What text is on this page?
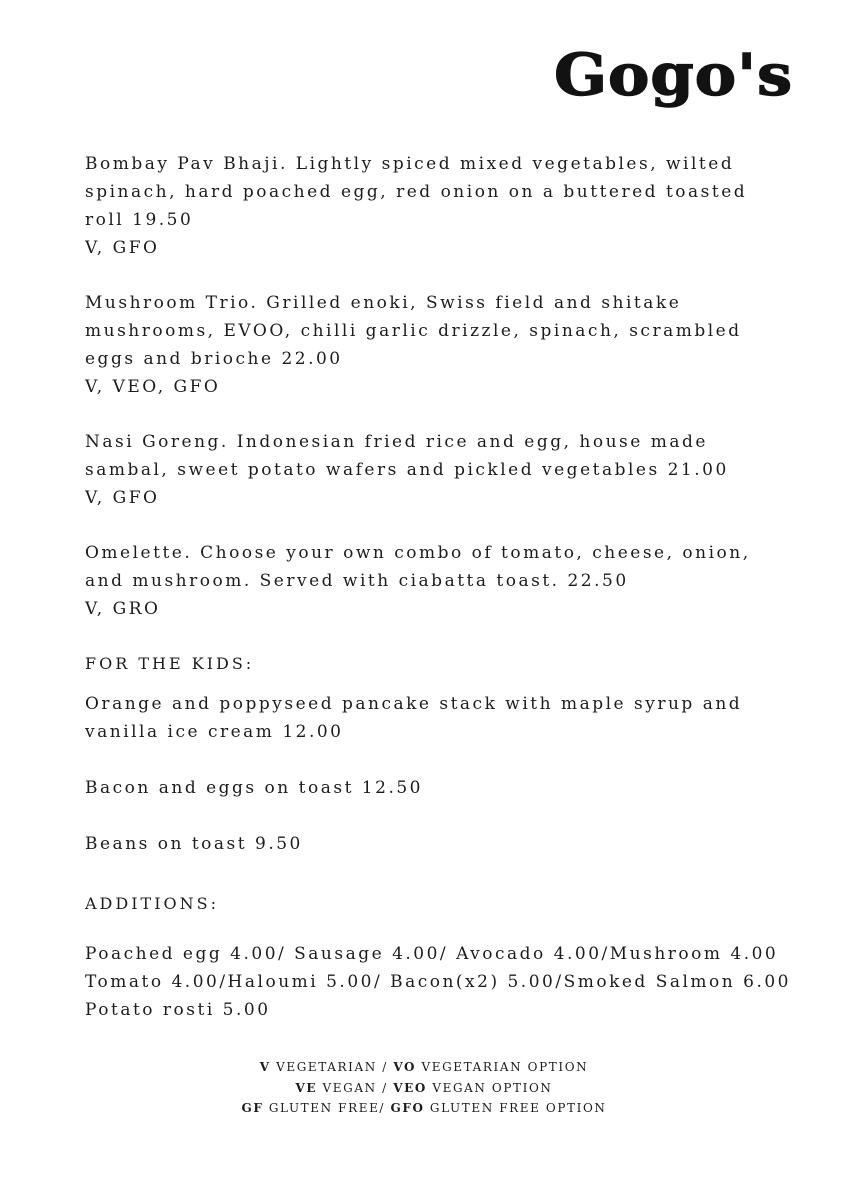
Gogo's

Bombay Pav Bhaji. Lightly spiced mixed vegetables, wilted

spinach, hard poached egg, red onion on a buttered toasted

roll 19.50

V, GFO

Mushroom Trio. Grilled enoki, Swiss field and shitake

mushrooms, EVOO, chilli garlic drizzle, spinach, scrambled

eggs and brioche 22.00

V, VEO, GFO

Nasi Goreng. Indonesian fried rice and egg, house made

sambal, sweet potato wafers and pickled vegetables 21.00

V, GFO

Omelette. Choose your own combo of tomato, cheese, onion,

and mushroom. Served with ciabatta toast. 22.50

V, GRO

FOR THE KIDS:

Orange and poppyseed pancake stack with maple syrup and

vanilla ice cream 12.00

Bacon and eggs on toast 12.50

Beans on toast 9.50

ADDITIONS:

Poached egg 4.00/ Sausage 4.00/ Avocado 4.00/Mushroom 4.00

Tomato 4.00/Haloumi 5.00/ Bacon(x2) 5.00/Smoked Salmon 6.00

Potato rosti 5.00

V VEGETARIAN / VO VEGETARIAN OPTION
VE VEGAN / VEO VEGAN OPTION
GF GLUTEN FREE/ GFO GLUTEN FREE OPTION
